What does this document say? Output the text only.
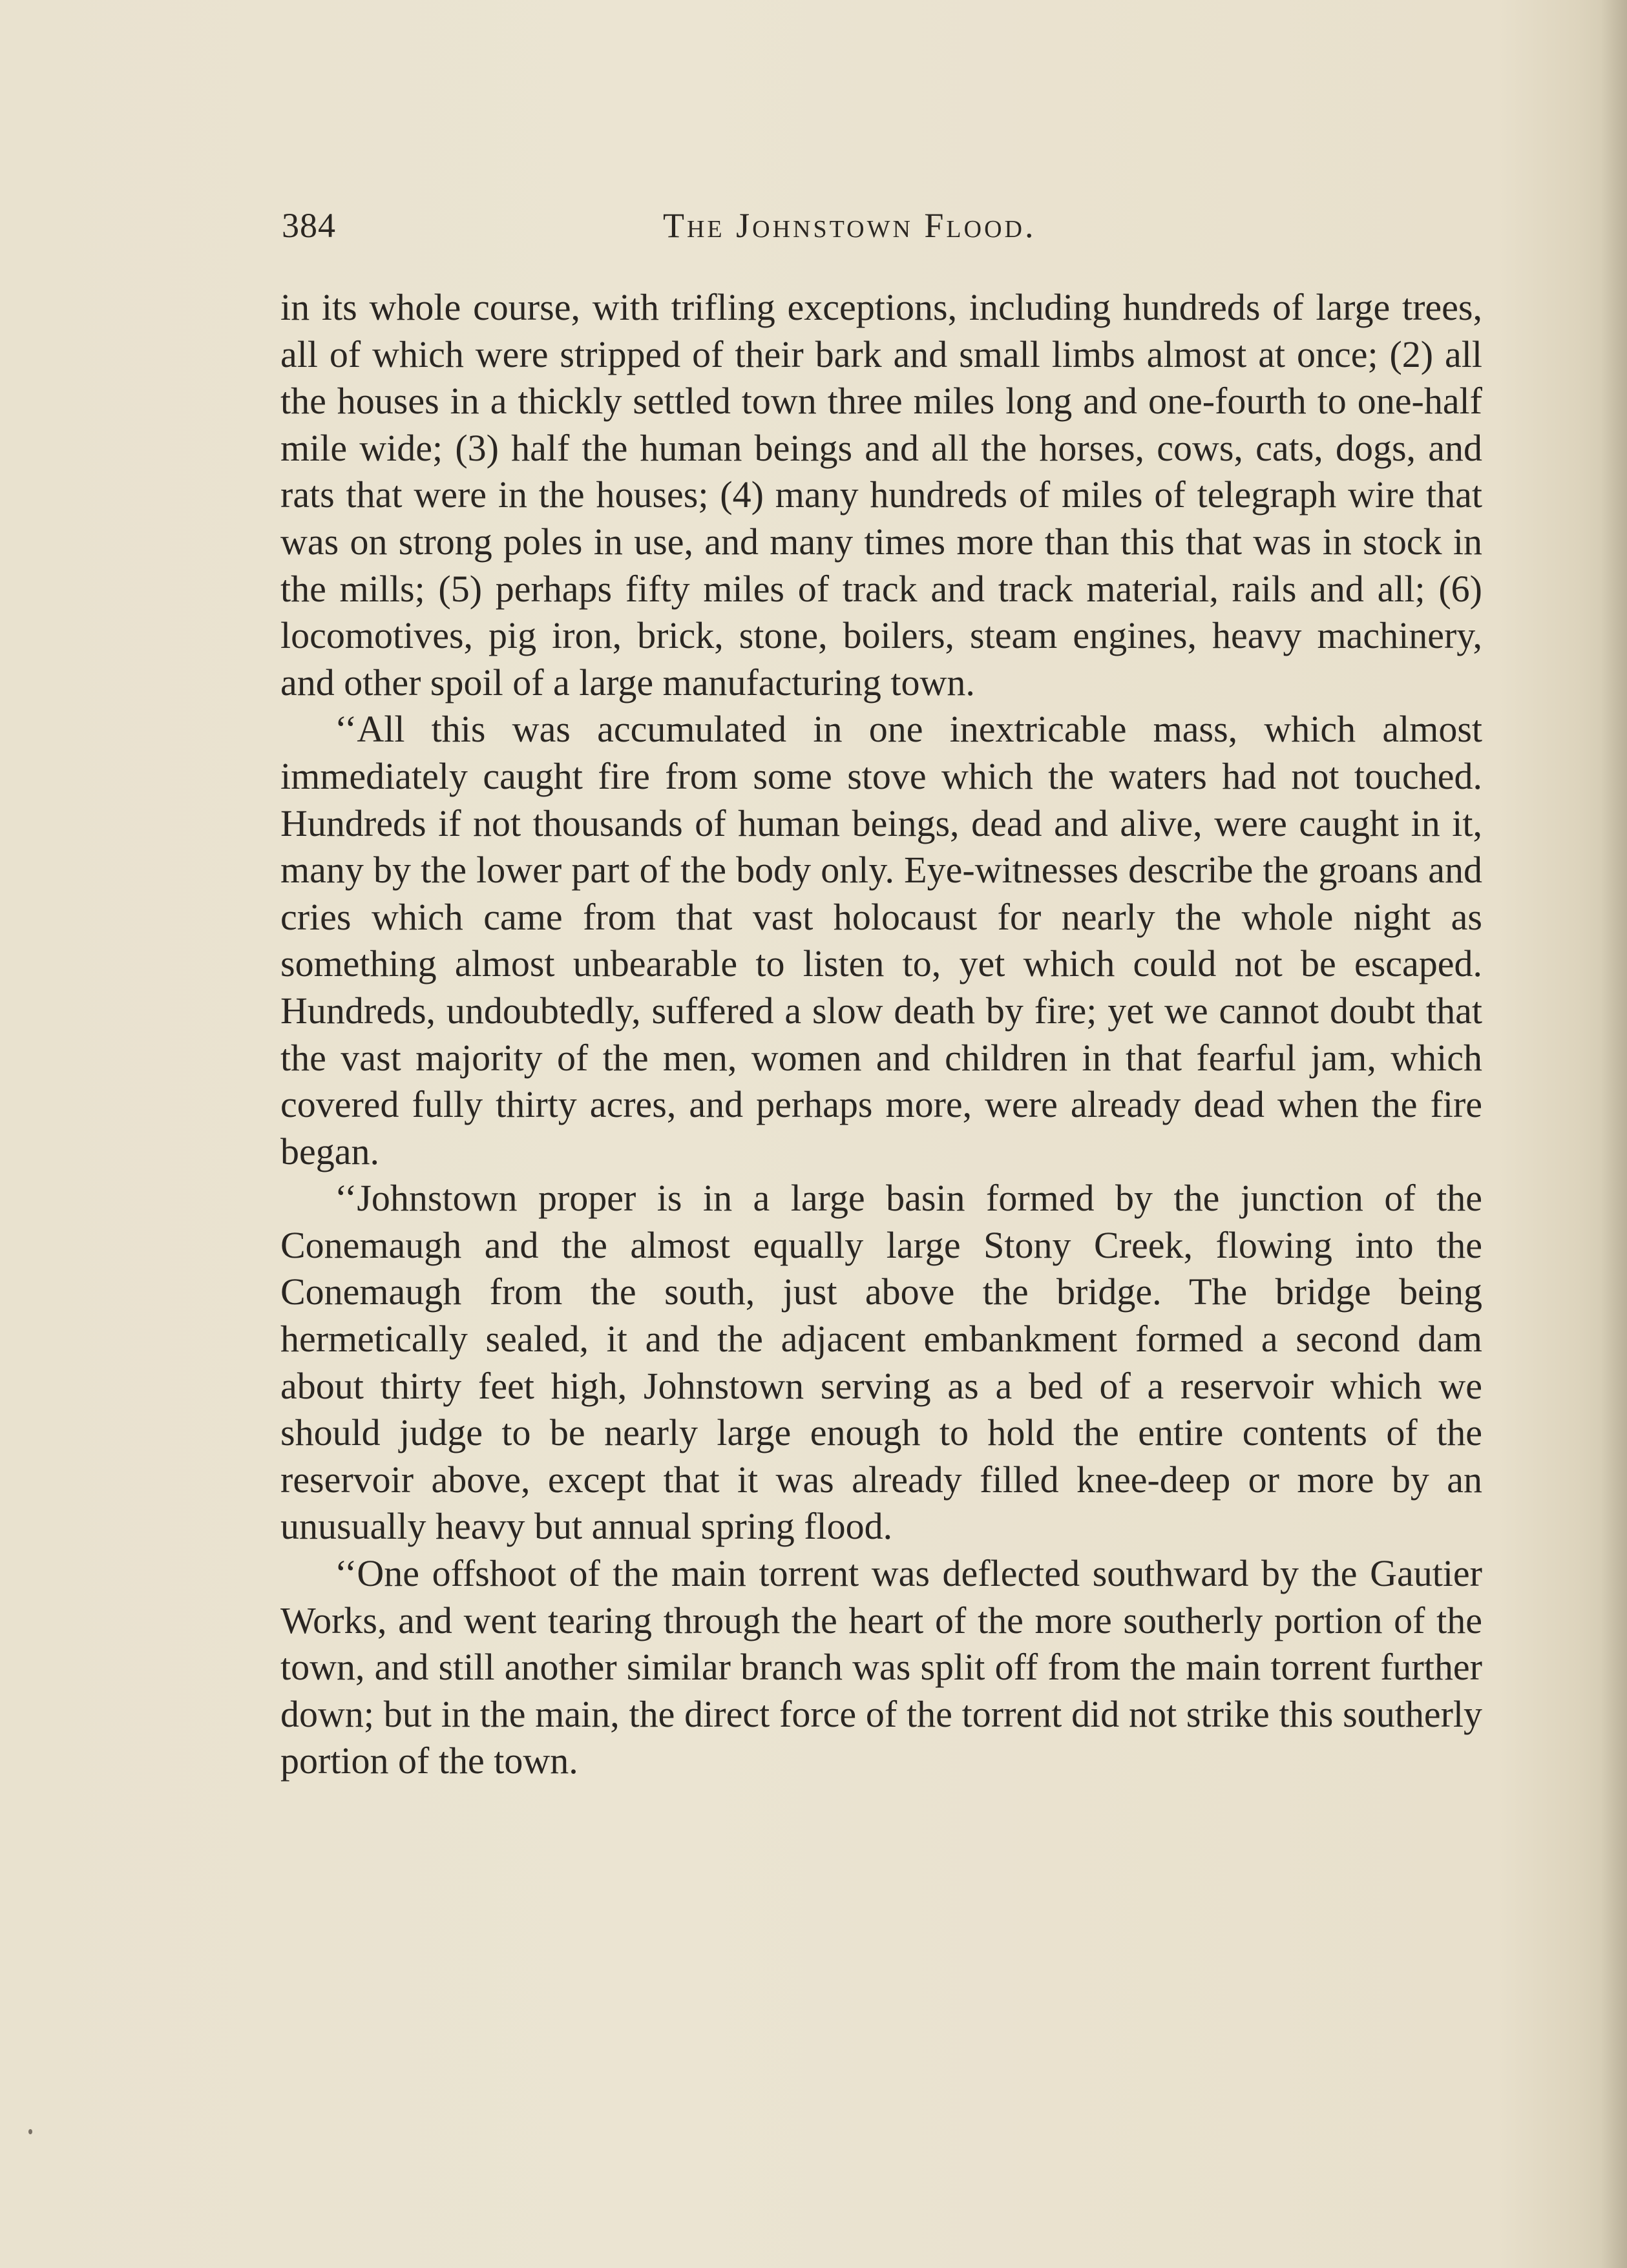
384	The Johnstown Flood.

in its whole course, with trifling exceptions, including hundreds of large trees, all of which were stripped of their bark and small limbs almost at once; (2) all the houses in a thickly settled town three miles long and one-fourth to one-half mile wide; (3) half the human beings and all the horses, cows, cats, dogs, and rats that were in the houses; (4) many hundreds of miles of telegraph wire that was on strong poles in use, and many times more than this that was in stock in the mills; (5) perhaps fifty miles of track and track material, rails and all; (6) locomotives, pig iron, brick, stone, boilers, steam engines, heavy machinery, and other spoil of a large manufacturing town.

‘‘All this was accumulated in one inextricable mass, which almost immediately caught fire from some stove which the waters had not touched. Hundreds if not thousands of human beings, dead and alive, were caught in it, many by the lower part of the body only. Eye-witnesses describe the groans and cries which came from that vast holocaust for nearly the whole night as something almost unbearable to listen to, yet which could not be escaped. Hundreds, undoubtedly, suffered a slow death by fire; yet we cannot doubt that the vast majority of the men, women and children in that fearful jam, which covered fully thirty acres, and perhaps more, were already dead when the fire began.

‘‘Johnstown proper is in a large basin formed by the junction of the Conemaugh and the almost equally large Stony Creek, flowing into the Conemaugh from the south, just above the bridge. The bridge being hermetically sealed, it and the adjacent embankment formed a second dam about thirty feet high, Johnstown serving as a bed of a reservoir which we should judge to be nearly large enough to hold the entire contents of the reservoir above, except that it was already filled knee-deep or more by an unusually heavy but annual spring flood.

‘‘One offshoot of the main torrent was deflected southward by the Gautier Works, and went tearing through the heart of the more southerly portion of the town, and still another similar branch was split off from the main torrent further down; but in the main, the direct force of the torrent did not strike this southerly portion of the town.
